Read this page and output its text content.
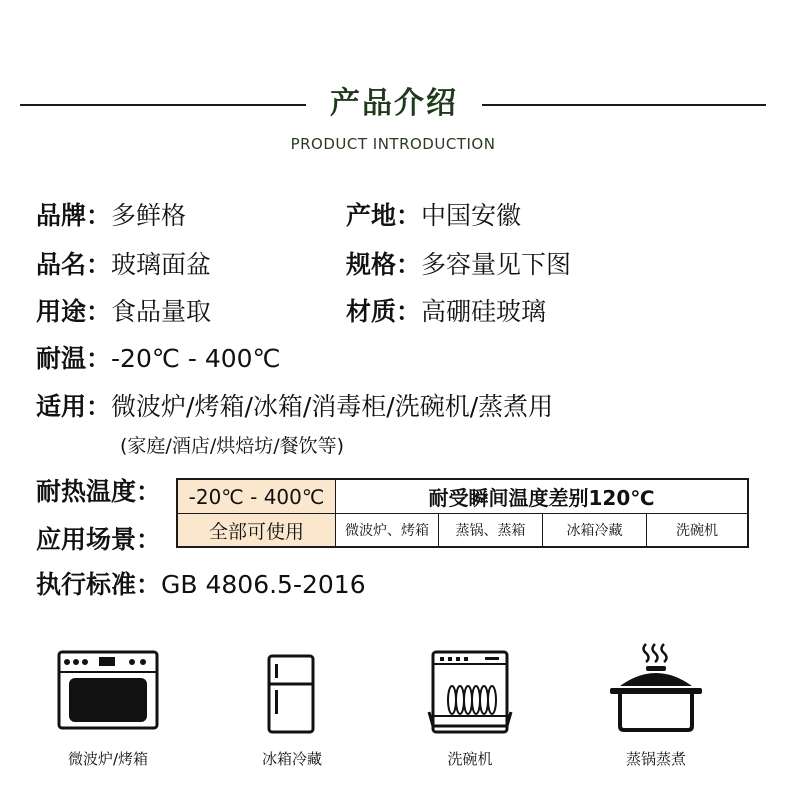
产品介绍
PRODUCT INTRODUCTION
品牌：多鲜格	产地：中国安徽
品名：玻璃面盆	规格：多容量见下图
用途：食品量取	材质：高硼硅玻璃
耐温：-20℃ - 400℃
适用：微波炉/烤箱/冰箱/消毒柜/洗碗机/蒸煮用
(家庭/酒店/烘焙坊/餐饮等)
耐热温度：
应用场景：
-20℃ - 400℃	耐受瞬间温度差别120℃
全部可使用	微波炉、烤箱	蒸锅、蒸箱	冰箱冷藏	洗碗机
执行标准：GB 4806.5-2016
微波炉/烤箱	冰箱冷藏	洗碗机	蒸锅蒸煮
